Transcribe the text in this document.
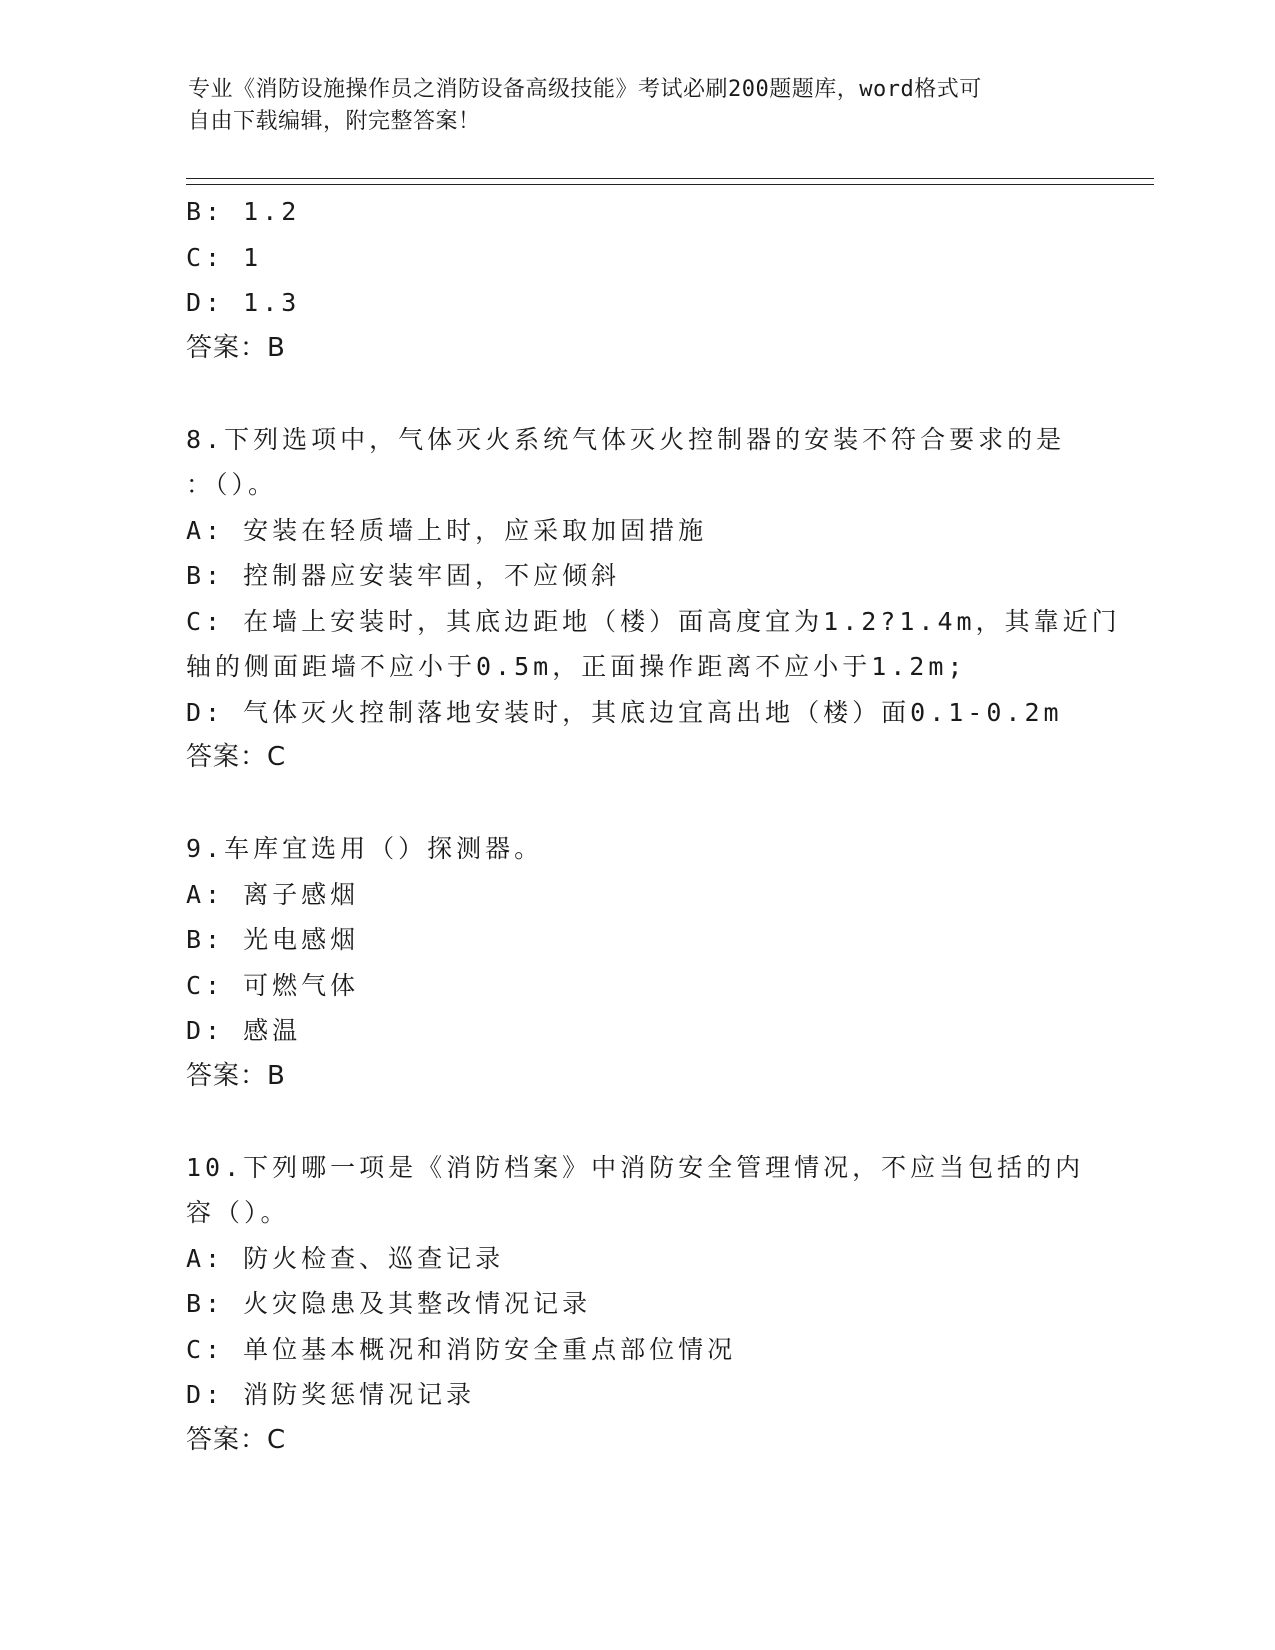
专业《消防设施操作员之消防设备高级技能》考试必刷200题题库，word格式可
自由下载编辑，附完整答案！
B: 1.2
C: 1
D: 1.3
答案：B
8.下列选项中，气体灭火系统气体灭火控制器的安装不符合要求的是
：（）。
A: 安装在轻质墙上时，应采取加固措施
B: 控制器应安装牢固，不应倾斜
C: 在墙上安装时，其底边距地（楼）面高度宜为1.2?1.4m，其靠近门
轴的侧面距墙不应小于0.5m，正面操作距离不应小于1.2m;
D: 气体灭火控制落地安装时，其底边宜高出地（楼）面0.1-0.2m
答案：C
9.车库宜选用（）探测器。
A: 离子感烟
B: 光电感烟
C: 可燃气体
D: 感温
答案：B
10.下列哪一项是《消防档案》中消防安全管理情况，不应当包括的内
容（）。
A: 防火检查、巡查记录
B: 火灾隐患及其整改情况记录
C: 单位基本概况和消防安全重点部位情况
D: 消防奖惩情况记录
答案：C
